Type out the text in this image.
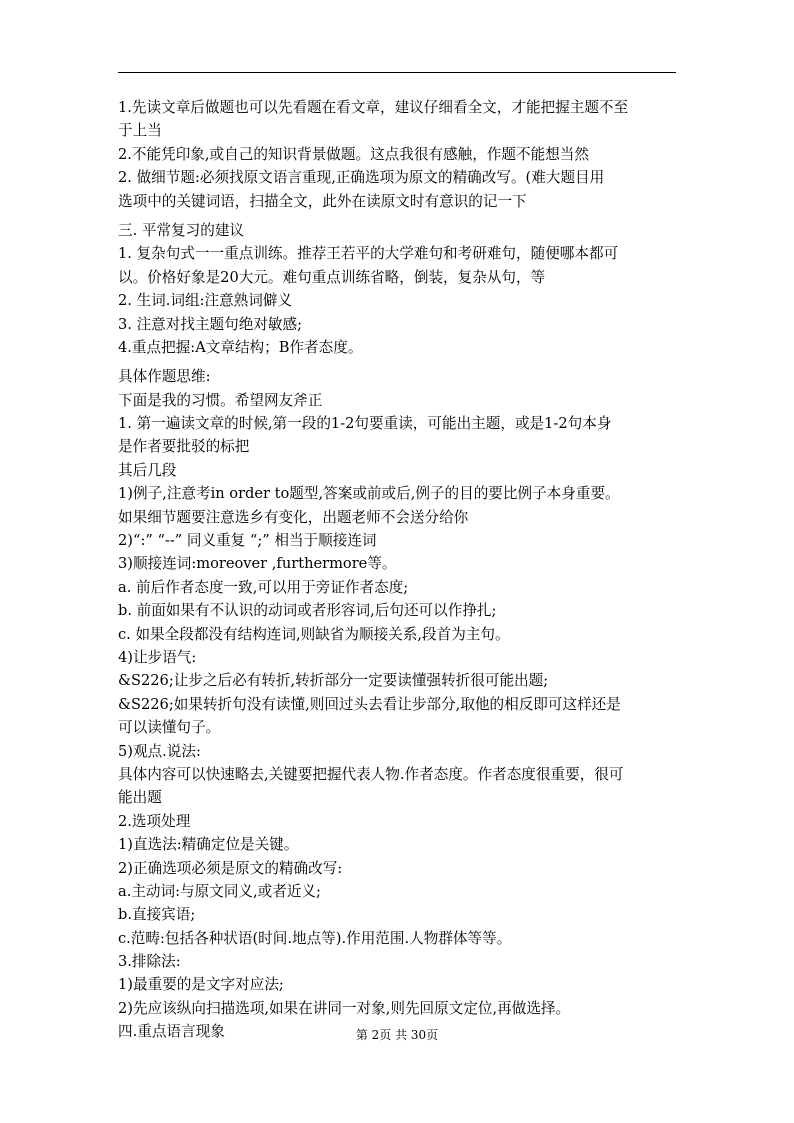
1.先读文章后做题也可以先看题在看文章，建议仔细看全文，才能把握主题不至
于上当
2.不能凭印象,或自己的知识背景做题。这点我很有感触，作题不能想当然
2. 做细节题:必须找原文语言重现,正确选项为原文的精确改写。(难大题目用
选项中的关键词语，扫描全文，此外在读原文时有意识的记一下
三. 平常复习的建议
1. 复杂句式一一重点训练。推荐王若平的大学难句和考研难句，随便哪本都可
以。价格好象是20大元。难句重点训练省略，倒装，复杂从句，等
2. 生词.词组:注意熟词僻义
3. 注意对找主题句绝对敏感;
4.重点把握:A文章结构；B作者态度。
具体作题思维:
下面是我的习惯。希望网友斧正
1. 第一遍读文章的时候,第一段的1-2句要重读，可能出主题，或是1-2句本身
是作者要批驳的标把
其后几段
1)例子,注意考in order to题型,答案或前或后,例子的目的要比例子本身重要。
如果细节题要注意选乡有变化，出题老师不会送分给你
2)“:” “--” 同义重复 “;” 相当于顺接连词
3)顺接连词:moreover ,furthermore等。
a. 前后作者态度一致,可以用于旁证作者态度;
b. 前面如果有不认识的动词或者形容词,后句还可以作挣扎;
c. 如果全段都没有结构连词,则缺省为顺接关系,段首为主句。
4)让步语气:
&S226;让步之后必有转折,转折部分一定要读懂强转折很可能出题;
&S226;如果转折句没有读懂,则回过头去看让步部分,取他的相反即可这样还是
可以读懂句子。
5)观点.说法:
具体内容可以快速略去,关键要把握代表人物.作者态度。作者态度很重要，很可
能出题
2.选项处理
1)直选法:精确定位是关键。
2)正确选项必须是原文的精确改写:
a.主动词:与原文同义,或者近义;
b.直接宾语;
c.范畴:包括各种状语(时间.地点等).作用范围.人物群体等等。
3.排除法:
1)最重要的是文字对应法;
2)先应该纵向扫描选项,如果在讲同一对象,则先回原文定位,再做选择。
四.重点语言现象	第 2页 共 30页
